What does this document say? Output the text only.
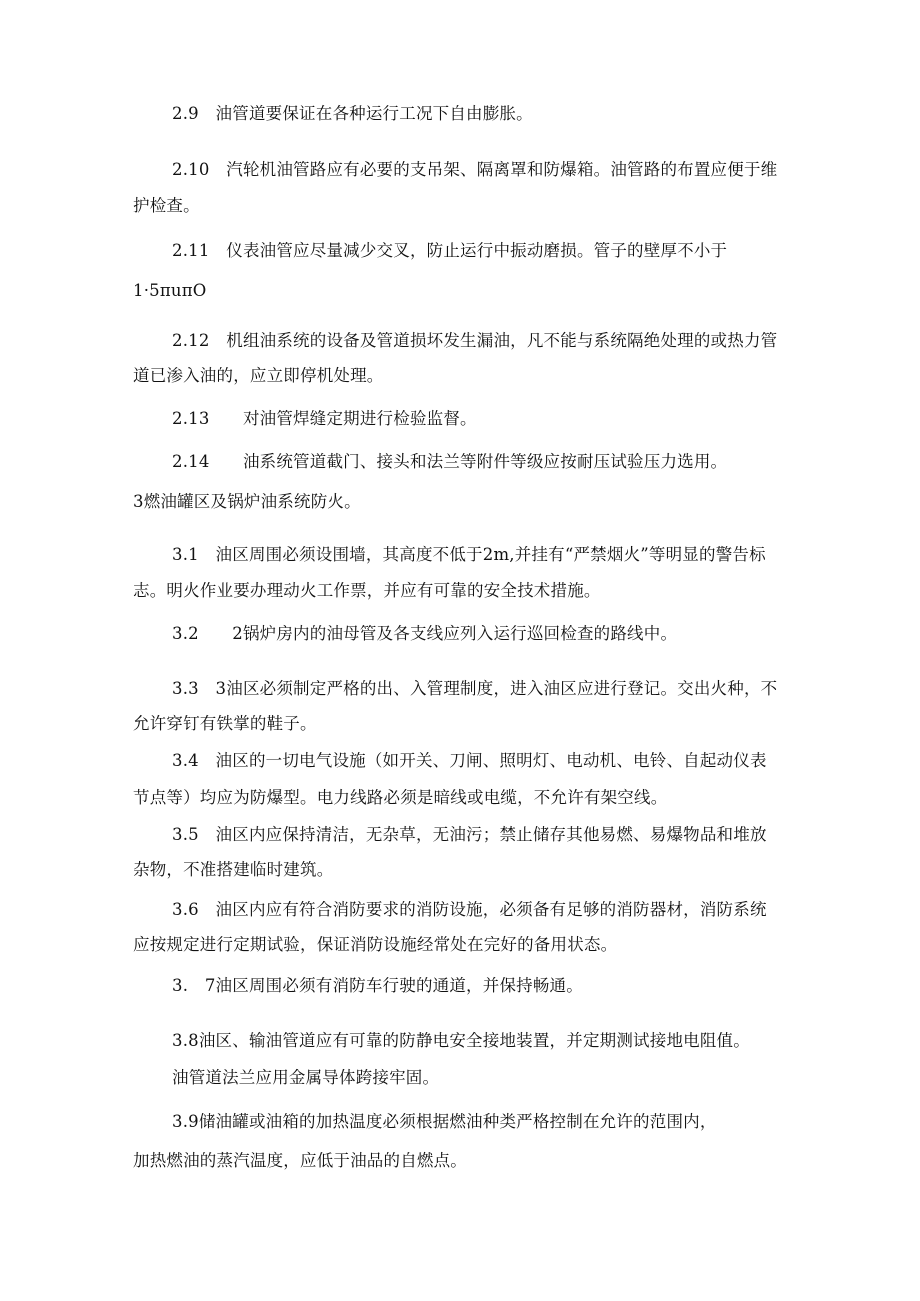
2.9　油管道要保证在各种运行工况下自由膨胀。
2.10　汽轮机油管路应有必要的支吊架、隔离罩和防爆箱。油管路的布置应便于维
护检查。
2.11　仪表油管应尽量减少交叉，防止运行中振动磨损。管子的壁厚不小于
1·5πuπO
2.12　机组油系统的设备及管道损坏发生漏油，凡不能与系统隔绝处理的或热力管
道已渗入油的，应立即停机处理。
2.13　　对油管焊缝定期进行检验监督。
2.14　　油系统管道截门、接头和法兰等附件等级应按耐压试验压力选用。
3燃油罐区及锅炉油系统防火。
3.1　油区周围必须设围墙，其高度不低于2m,并挂有“严禁烟火”等明显的警告标
志。明火作业要办理动火工作票，并应有可靠的安全技术措施。
3.2　　2锅炉房内的油母管及各支线应列入运行巡回检查的路线中。
3.3　3油区必须制定严格的出、入管理制度，进入油区应进行登记。交出火种，不
允许穿钉有铁掌的鞋子。
3.4　油区的一切电气设施（如开关、刀闸、照明灯、电动机、电铃、自起动仪表
节点等）均应为防爆型。电力线路必须是暗线或电缆，不允许有架空线。
3.5　油区内应保持清洁，无杂草，无油污；禁止储存其他易燃、易爆物品和堆放
杂物，不准搭建临时建筑。
3.6　油区内应有符合消防要求的消防设施，必须备有足够的消防器材，消防系统
应按规定进行定期试验，保证消防设施经常处在完好的备用状态。
3.　7油区周围必须有消防车行驶的通道，并保持畅通。
3.8油区、输油管道应有可靠的防静电安全接地装置，并定期测试接地电阻值。
油管道法兰应用金属导体跨接牢固。
3.9储油罐或油箱的加热温度必须根据燃油种类严格控制在允许的范围内，
加热燃油的蒸汽温度，应低于油品的自燃点。
